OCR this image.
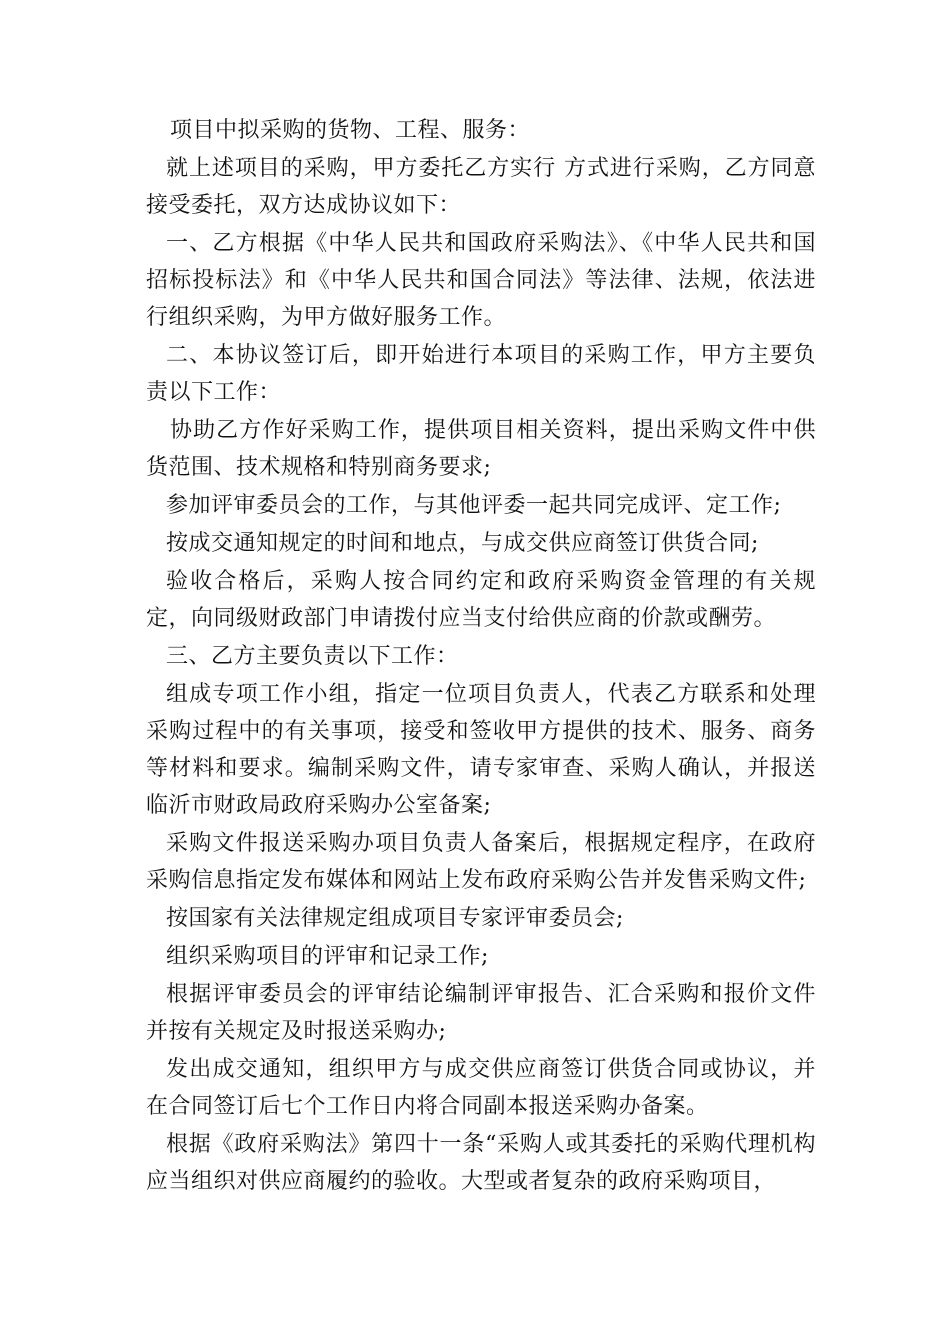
项目中拟采购的货物、工程、服务：

就上述项目的采购，甲方委托乙方实行 方式进行采购，乙方同意接受委托，双方达成协议如下：

一、乙方根据《中华人民共和国政府采购法》、《中华人民共和国招标投标法》和《中华人民共和国合同法》等法律、法规，依法进行组织采购，为甲方做好服务工作。

二、本协议签订后，即开始进行本项目的采购工作，甲方主要负责以下工作：

协助乙方作好采购工作，提供项目相关资料，提出采购文件中供货范围、技术规格和特别商务要求;

参加评审委员会的工作，与其他评委一起共同完成评、定工作;

按成交通知规定的时间和地点，与成交供应商签订供货合同;

验收合格后，采购人按合同约定和政府采购资金管理的有关规定，向同级财政部门申请拨付应当支付给供应商的价款或酬劳。

三、乙方主要负责以下工作：

组成专项工作小组，指定一位项目负责人，代表乙方联系和处理采购过程中的有关事项，接受和签收甲方提供的技术、服务、商务等材料和要求。编制采购文件，请专家审查、采购人确认，并报送临沂市财政局政府采购办公室备案;

采购文件报送采购办项目负责人备案后，根据规定程序，在政府采购信息指定发布媒体和网站上发布政府采购公告并发售采购文件;

按国家有关法律规定组成项目专家评审委员会;

组织采购项目的评审和记录工作;

根据评审委员会的评审结论编制评审报告、汇合采购和报价文件并按有关规定及时报送采购办;

发出成交通知，组织甲方与成交供应商签订供货合同或协议，并在合同签订后七个工作日内将合同副本报送采购办备案。

根据《政府采购法》第四十一条“采购人或其委托的采购代理机构应当组织对供应商履约的验收。大型或者复杂的政府采购项目，
